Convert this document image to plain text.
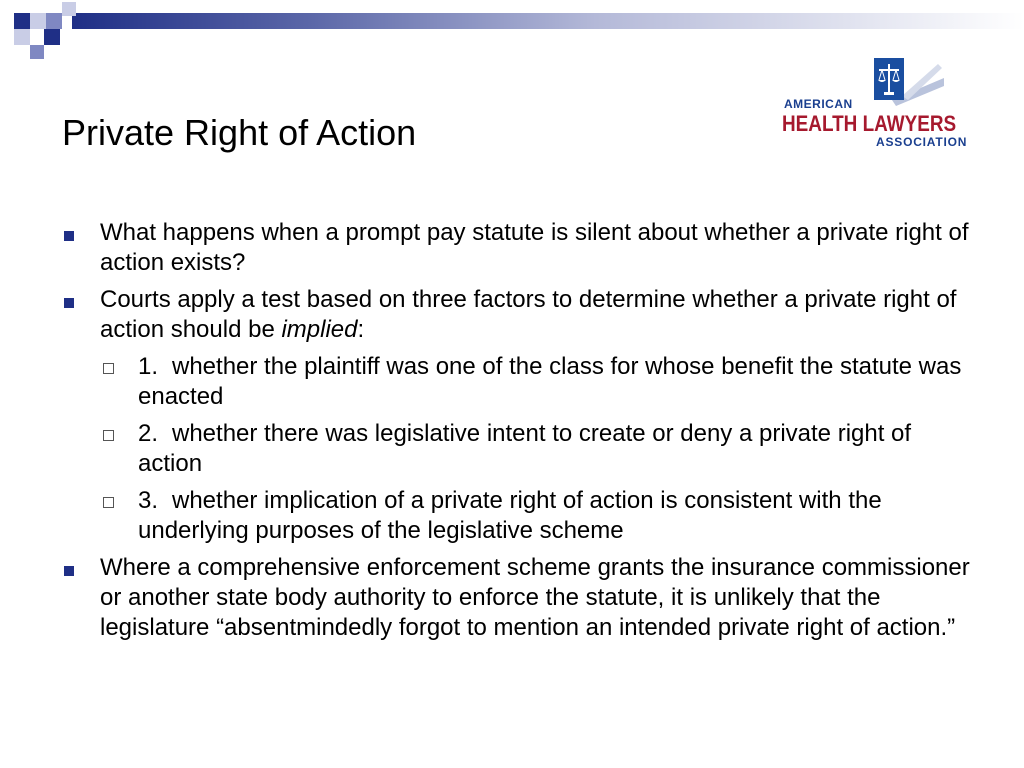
AMERICAN
HEALTH LAWYERS
ASSOCIATION
Private Right of Action
What happens when a prompt pay statute is silent about whether a private right of action exists?
Courts apply a test based on three factors to determine whether a private right of action should be implied:
1. whether the plaintiff was one of the class for whose benefit the statute was enacted
2. whether there was legislative intent to create or deny a private right of action
3. whether implication of a private right of action is consistent with the underlying purposes of the legislative scheme
Where a comprehensive enforcement scheme grants the insurance commissioner or another state body authority to enforce the statute, it is unlikely that the legislature “absentmindedly forgot to mention an intended private right of action.”
